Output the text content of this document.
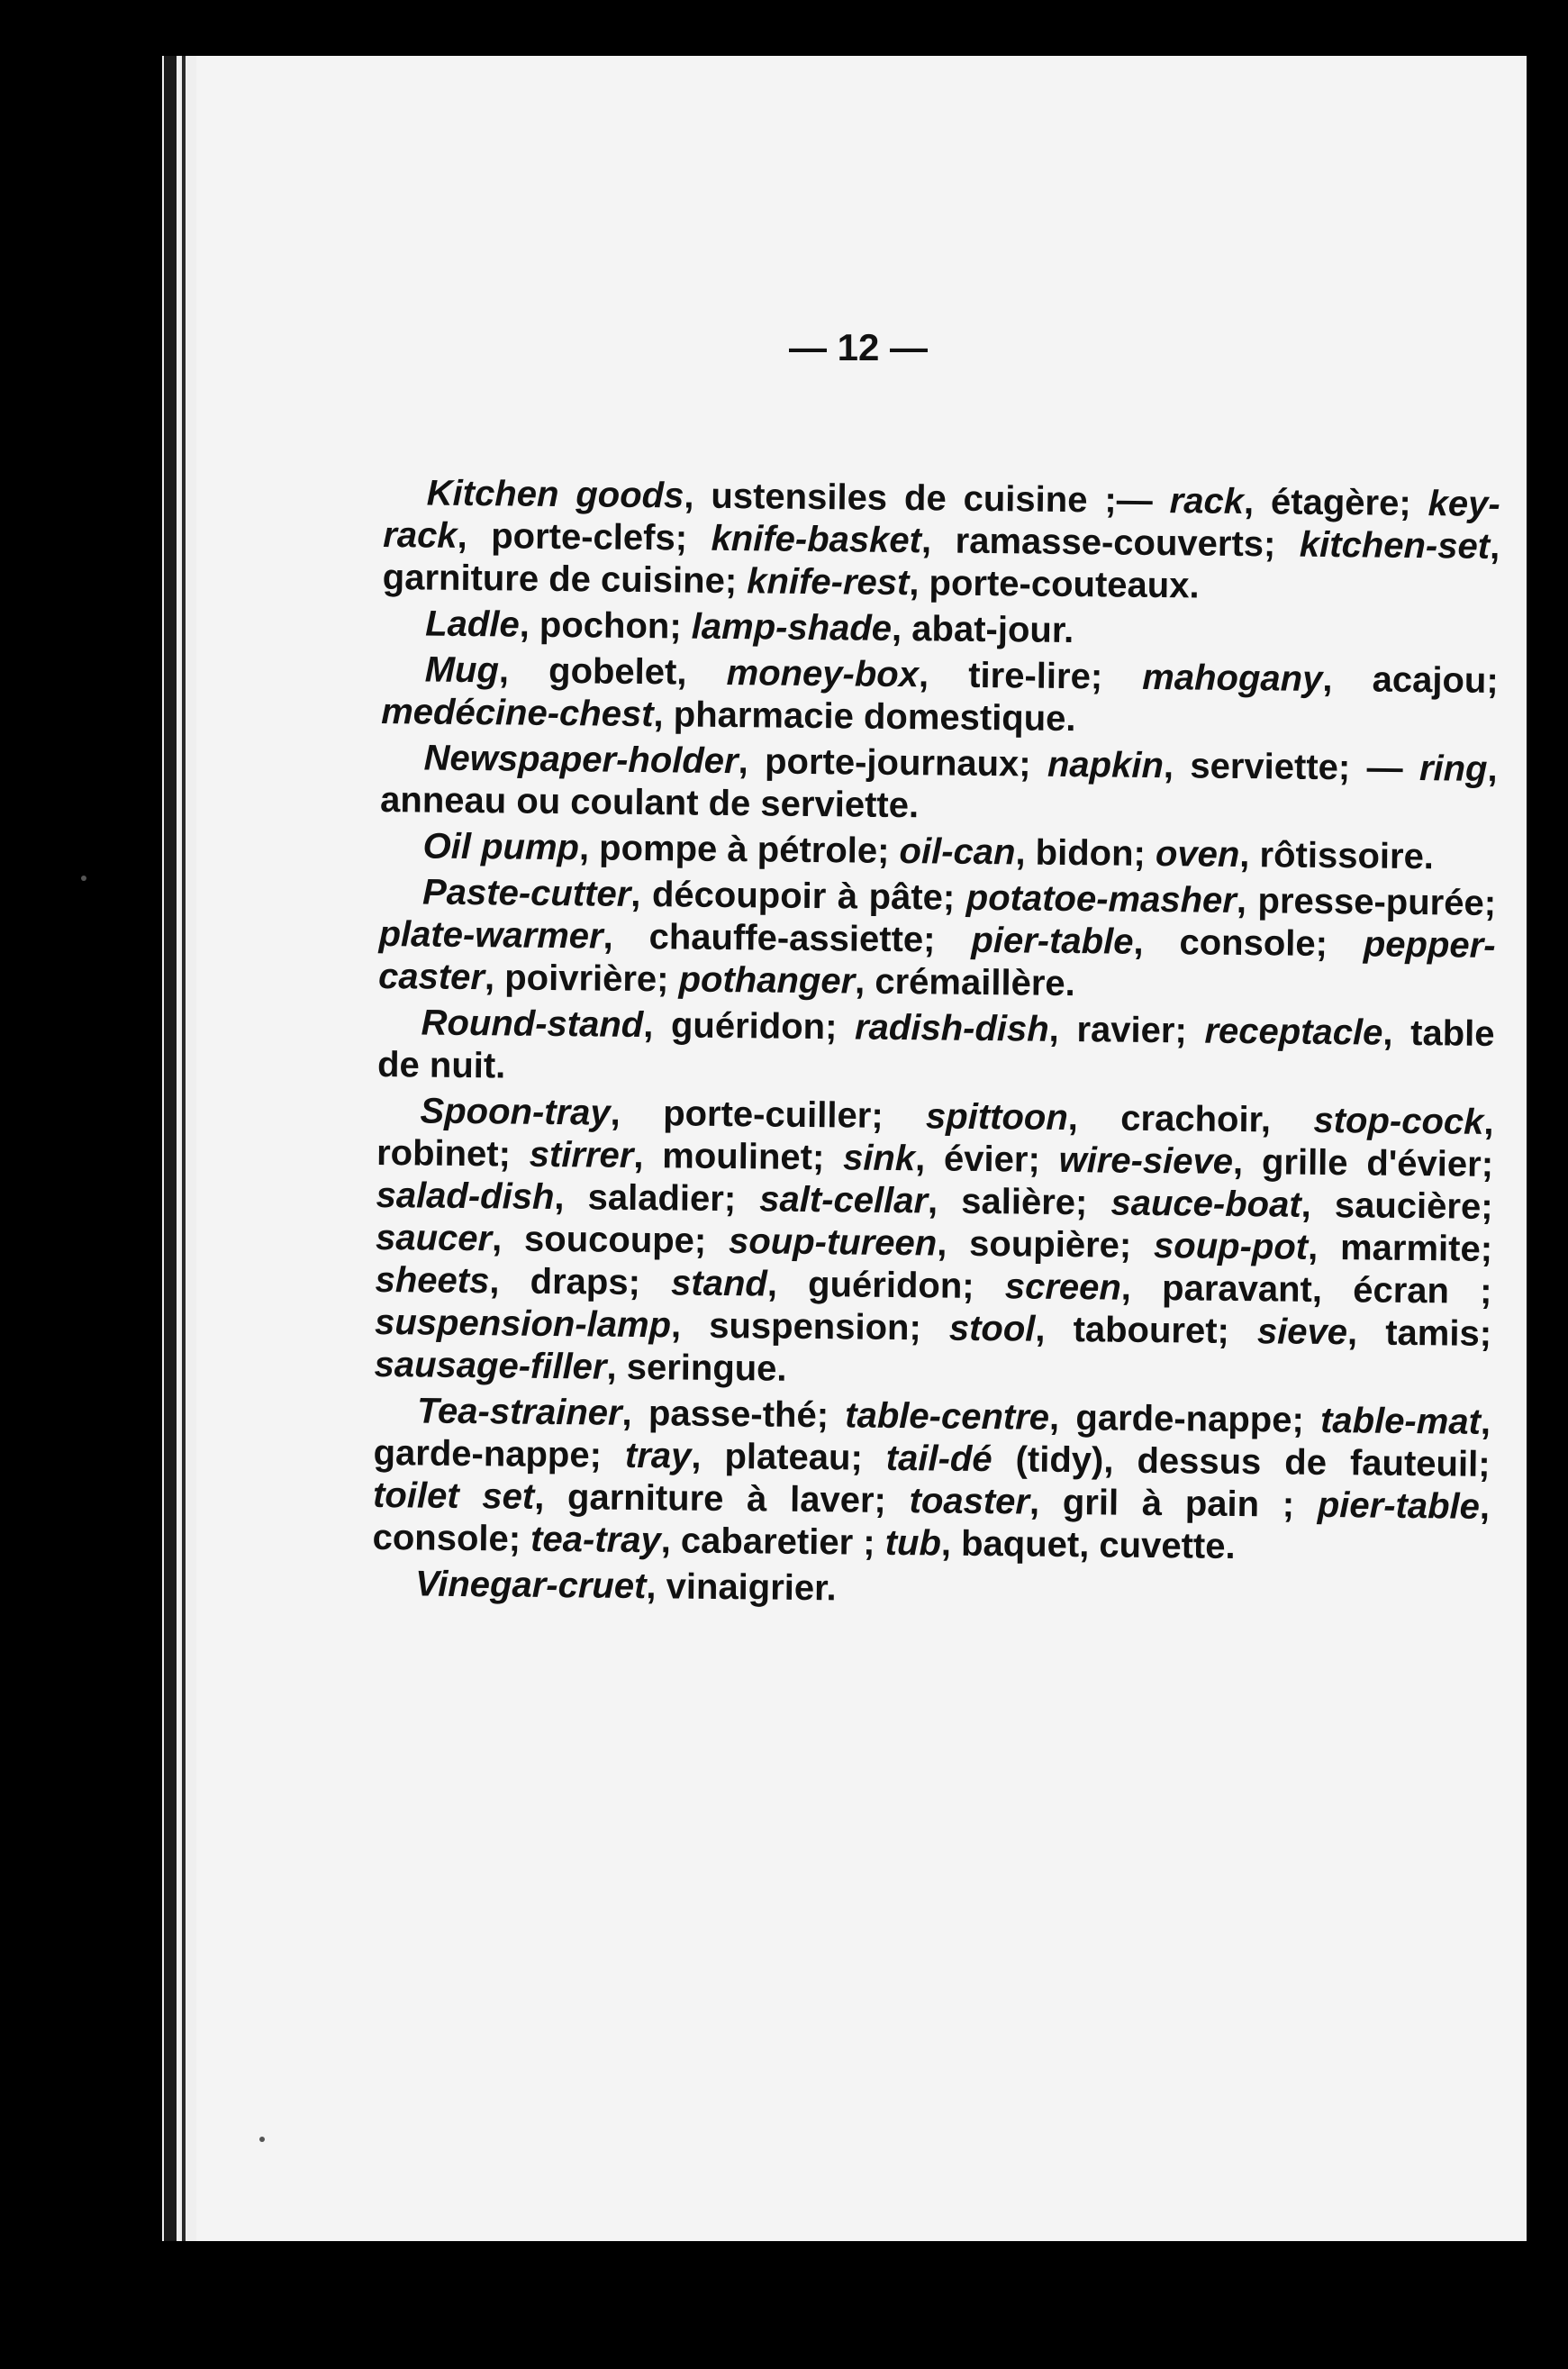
— 12 —

Kitchen goods, ustensiles de cuisine ;— rack, étagère; key-rack, porte-clefs; knife-basket, ramasse-couverts; kitchen-set, garniture de cuisine; knife-rest, porte-couteaux.

Ladle, pochon; lamp-shade, abat-jour.

Mug, gobelet, money-box, tire-lire; mahogany, acajou; medécine-chest, pharmacie domestique.

Newspaper-holder, porte-journaux; napkin, serviette; — ring, anneau ou coulant de serviette.

Oil pump, pompe à pétrole; oil-can, bidon; oven, rôtissoire.

Paste-cutter, découpoir à pâte; potatoe-masher, presse-purée; plate-warmer, chauffe-assiette; pier-table, console; pepper-caster, poivrière; pothanger, crémaillère.

Round-stand, guéridon; radish-dish, ravier; receptacle, table de nuit.

Spoon-tray, porte-cuiller; spittoon, crachoir, stop-cock, robinet; stirrer, moulinet; sink, évier; wire-sieve, grille d'évier; salad-dish, saladier; salt-cellar, salière; sauce-boat, saucière; saucer, soucoupe; soup-tureen, soupière; soup-pot, marmite; sheets, draps; stand, guéridon; screen, paravant, écran ; suspension-lamp, suspension; stool, tabouret; sieve, tamis; sausage-filler, seringue.

Tea-strainer, passe-thé; table-centre, garde-nappe; table-mat, garde-nappe; tray, plateau; tail-dé (tidy), dessus de fauteuil; toilet set, garniture à laver; toaster, gril à pain ; pier-table, console; tea-tray, cabaretier ; tub, baquet, cuvette.

Vinegar-cruet, vinaigrier.
